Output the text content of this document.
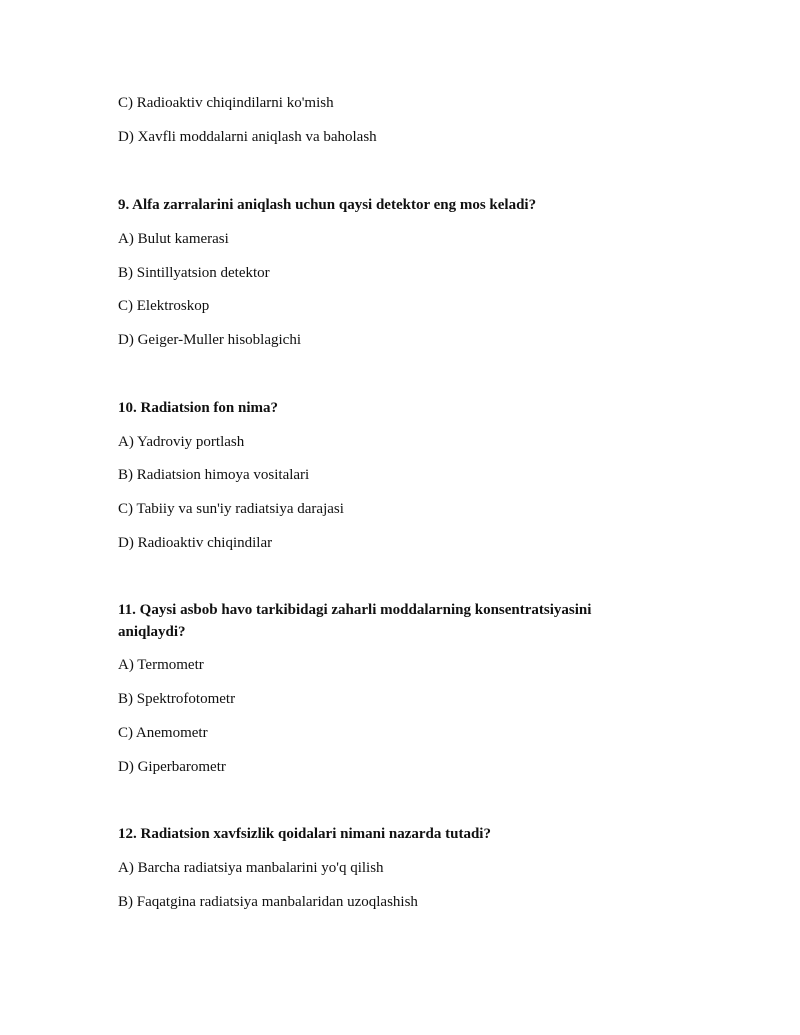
C) Radioaktiv chiqindilarni ko'mish
D) Xavfli moddalarni aniqlash va baholash
9. Alfa zarralarini aniqlash uchun qaysi detektor eng mos keladi?
A) Bulut kamerasi
B) Sintillyatsion detektor
C) Elektroskop
D) Geiger-Muller hisoblagichi
10. Radiatsion fon nima?
A) Yadroviy portlash
B) Radiatsion himoya vositalari
C) Tabiiy va sun'iy radiatsiya darajasi
D) Radioaktiv chiqindilar
11. Qaysi asbob havo tarkibidagi zaharli moddalarning konsentratsiyasini aniqlaydi?
A) Termometr
B) Spektrofotometr
C) Anemometr
D) Giperbarometr
12. Radiatsion xavfsizlik qoidalari nimani nazarda tutadi?
A) Barcha radiatsiya manbalarini yo'q qilish
B) Faqatgina radiatsiya manbalaridan uzoqlashish
